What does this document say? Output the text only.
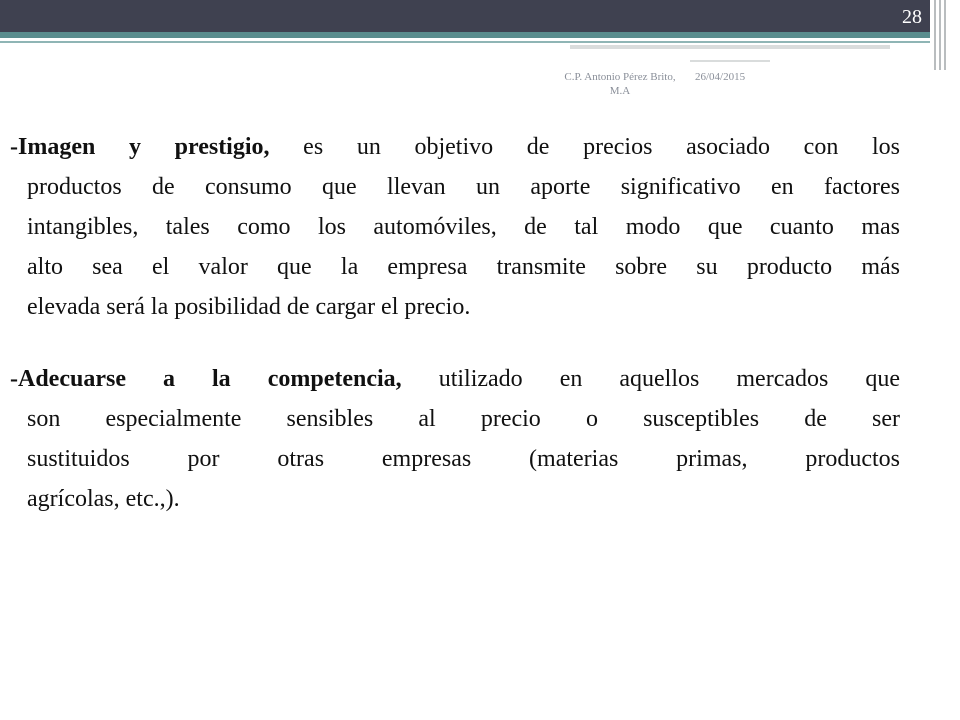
28
C.P. Antonio Pérez Brito, M.A
26/04/2015
-Imagen y prestigio, es un objetivo de precios asociado con los
productos de consumo que llevan un aporte significativo en factores
intangibles, tales como los automóviles, de tal modo que cuanto mas
alto sea el valor que la empresa transmite sobre su producto más
elevada será la posibilidad de cargar el precio.
-Adecuarse a la competencia, utilizado en aquellos mercados que
son especialmente sensibles al precio o susceptibles de ser
sustituidos por otras empresas (materias primas, productos
agrícolas, etc.,).
